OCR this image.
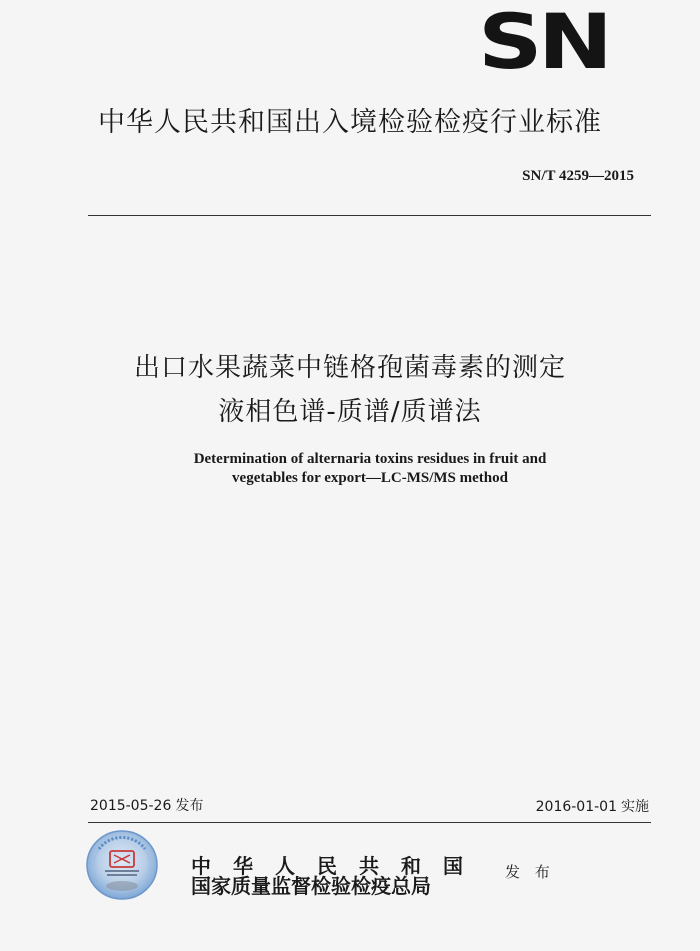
SN
中华人民共和国出入境检验检疫行业标准
SN/T 4259—2015
出口水果蔬菜中链格孢菌毒素的测定
液相色谱-质谱/质谱法
Determination of alternaria toxins residues in fruit and
vegetables for export—LC-MS/MS method
2015-05-26 发布	2016-01-01 实施
中华人民共和国
国家质量监督检验检疫总局
发 布
